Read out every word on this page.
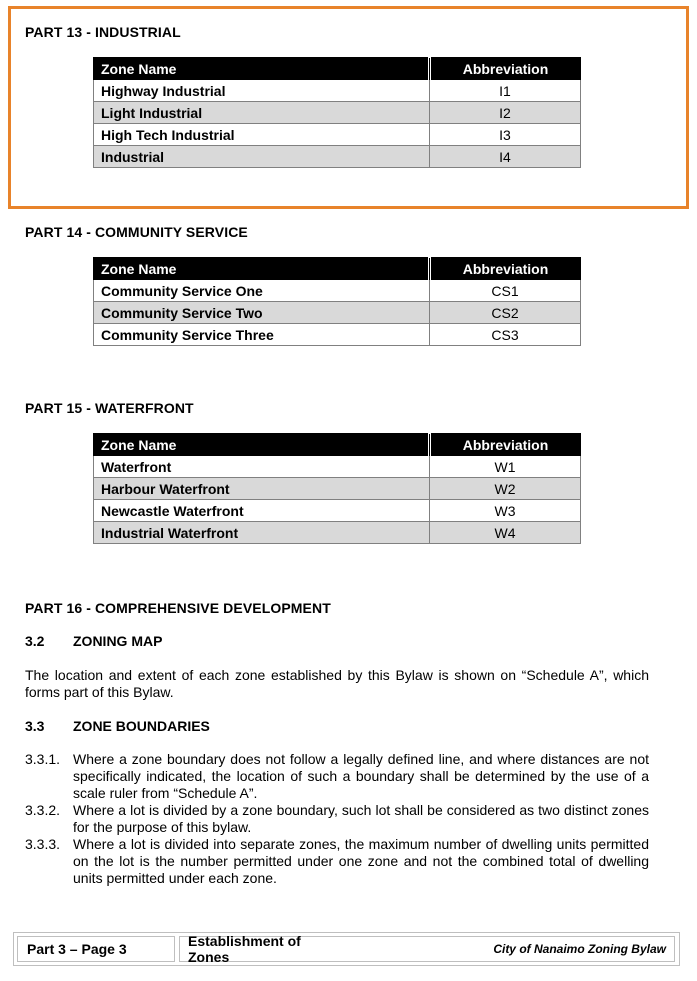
PART 13 - INDUSTRIAL
Zone Name	Abbreviation
Highway Industrial	I1
Light Industrial	I2
High Tech Industrial	I3
Industrial	I4
PART 14 - COMMUNITY SERVICE
Zone Name	Abbreviation
Community Service One	CS1
Community Service Two	CS2
Community Service Three	CS3
PART 15 - WATERFRONT
Zone Name	Abbreviation
Waterfront	W1
Harbour Waterfront	W2
Newcastle Waterfront	W3
Industrial Waterfront	W4
PART 16 - COMPREHENSIVE DEVELOPMENT
3.2 ZONING MAP
The location and extent of each zone established by this Bylaw is shown on “Schedule A”, which forms part of this Bylaw.
3.3 ZONE BOUNDARIES
3.3.1. Where a zone boundary does not follow a legally defined line, and where distances are not specifically indicated, the location of such a boundary shall be determined by the use of a scale ruler from “Schedule A”.
3.3.2. Where a lot is divided by a zone boundary, such lot shall be considered as two distinct zones for the purpose of this bylaw.
3.3.3. Where a lot is divided into separate zones, the maximum number of dwelling units permitted on the lot is the number permitted under one zone and not the combined total of dwelling units permitted under each zone.
Part 3 – Page 3	Establishment of Zones	City of Nanaimo Zoning Bylaw
